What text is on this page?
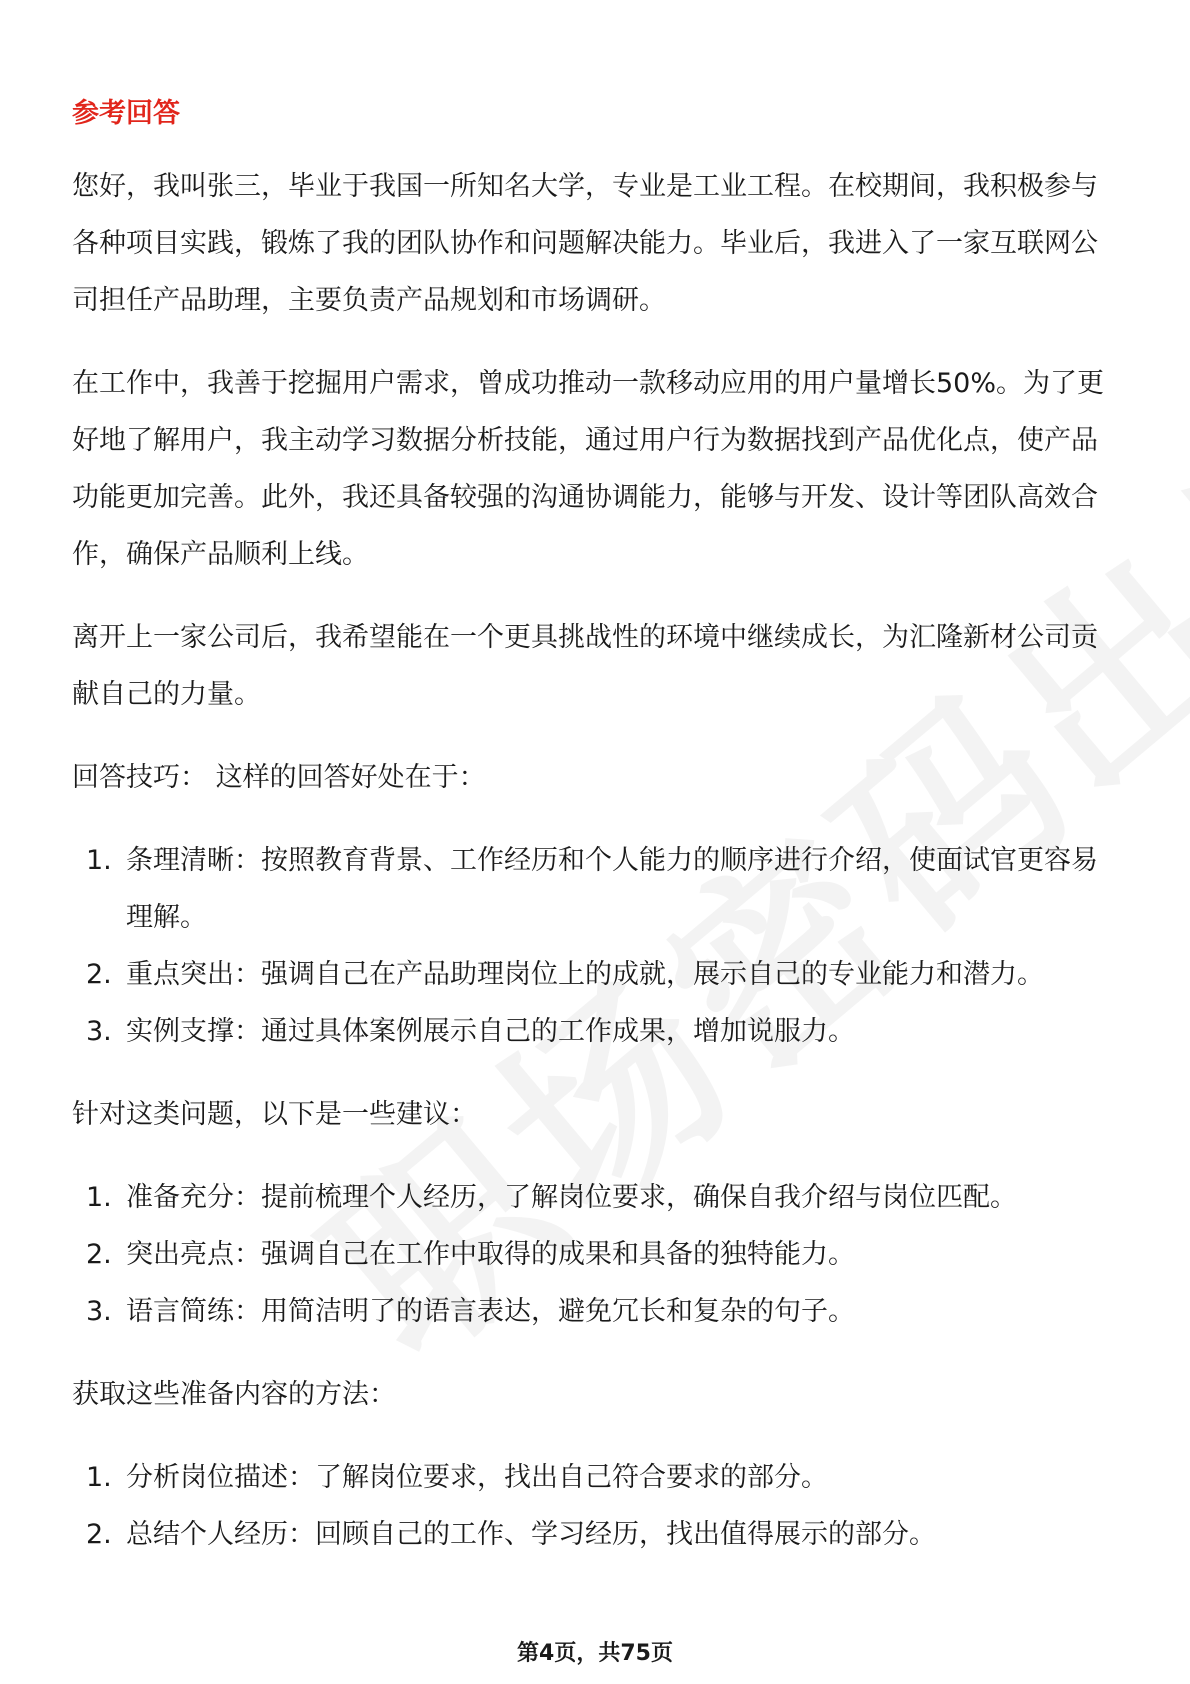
参考回答

您好，我叫张三，毕业于我国一所知名大学，专业是工业工程。在校期间，我积极参与各种项目实践，锻炼了我的团队协作和问题解决能力。毕业后，我进入了一家互联网公司担任产品助理，主要负责产品规划和市场调研。

在工作中，我善于挖掘用户需求，曾成功推动一款移动应用的用户量增长50%。为了更好地了解用户，我主动学习数据分析技能，通过用户行为数据找到产品优化点，使产品功能更加完善。此外，我还具备较强的沟通协调能力，能够与开发、设计等团队高效合作，确保产品顺利上线。

离开上一家公司后，我希望能在一个更具挑战性的环境中继续成长，为汇隆新材公司贡献自己的力量。

回答技巧： 这样的回答好处在于：

1. 条理清晰：按照教育背景、工作经历和个人能力的顺序进行介绍，使面试官更容易理解。
2. 重点突出：强调自己在产品助理岗位上的成就，展示自己的专业能力和潜力。
3. 实例支撑：通过具体案例展示自己的工作成果，增加说服力。

针对这类问题，以下是一些建议：

1. 准备充分：提前梳理个人经历，了解岗位要求，确保自我介绍与岗位匹配。
2. 突出亮点：强调自己在工作中取得的成果和具备的独特能力。
3. 语言简练：用简洁明了的语言表达，避免冗长和复杂的句子。

获取这些准备内容的方法：

1. 分析岗位描述：了解岗位要求，找出自己符合要求的部分。
2. 总结个人经历：回顾自己的工作、学习经历，找出值得展示的部分。
第4页，共75页
